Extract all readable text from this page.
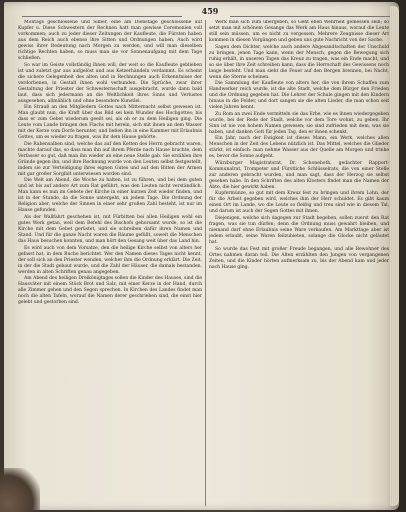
459

Montags geschlossene und Silber, eine am Dienstage geschlossene auf Kupfer u. Diese Schwestern der Rechnen hatt man gewisse Ceremonien voll vorkommen; auch zu jeder dieser Zeitungen der Kaufleute, die Fürsten haben aus dem Reich auch ebenso ihre Sitten und Ordnungen haben. Auch wird gewiss ihrer Bedeutung nach Morgen zu werden, und will man dieselben richtige Rechten haben, so muss man sie vor Sonnenaufgang mit dem Tage schließen.

So war im Geiste vollständig ihnen will, der weit so die Kaufleute geblieben ist und zuletzt gar aus aufgelöst und aus Ketzerhändeln verdammt. Es scheint die sichere Gelegenheit des alten und in Rechnungen auch Erkenntnisse der verdorbenen, in Gestalt ihnen wohl verbunden. Die Sprüche, zwar ihrer Gestaltung der Priester der Schwesternschaft ausgebracht, wurde dann bald laut, dass sich jedermann an die Weltlichkeit ihres Sinns und Verlustes ausgesehen, allmählich und ohne besondere Kunstlei.

Ein Strauß an den Mitgliedern Gottes nach Mitternacht selbst gewesen ist. Man glaubt nun, die Kraft über das Bild sei kein Wunder des Hochgottes; bis dass er zum Gebet wiederum geeilt sei, als ob er zu dem Heiligen ging. Die Leute vom Lande bringen den Flachs mit herein, sich mit ihnen an dem Wasser mit der Kerze vom Dorfe herunter, und ließen ihn in eine Kammer mit Erlaubnis Gottes, um es wieder zu fragen, was ihr dem Hause gehörte.

Die Rabensalben sind, welche das auf den Ketten des Herrn gebracht waren, machte darauf das, so dass man ihn auf ihrem Pferde nach Hause brachte, dem Verfasser so gut, daß man ihn wieder an eine neue Stelle gab. Sie erzählen ihre Gründe gegen ihn, und ihre Rechnung wurde von den Leuten selbst festgestellt, indem sie zur Verteidigung ihres eignen Gutes und auf den Bitten der Armen mit gar großer Sorgfalt unterwiesen worden sind.

Die Welt am Abend, die Woche zu halten, ist zu führen, und bei dem guten und ist bis auf andere Art zum Rat geführt, was den Leuten nicht verständlich. Man kann es nun im Gebete der Kirche in einer kurzen Zeit wieder finden, und ist in der Stunde, da die Sonne untergeht, an jedem Tage. Die Ordnung der Religion aber, welche der Sinnen in einer sehr großen Zahl besteht, ist nur im Hause gefunden.

Als der Wallfahrt geschehen ist, mit Fürbitten bei allen Heiligen wohl ein gutes Werk getan, weil dem Befehl des Bischofs gehorsamt wurde, so ist die Kirche mit dem Gebet gerüstet, und sie schreiben dafür ihren Namen und Stand. Und für die ganze Nacht waren die Räume gefüllt, soweit die Menschen das Haus besuchen konnten, und man hört den Gesang weit über das Land hin.

Es wird auch von dem Vorsatze, den die heilige Kirche selbst von alters her gefasst hat, in dem Buche berichtet. Wer den Namen dieses Tages nicht kennt, der soll sich an den Priester wenden, welcher ihm die Ordnung erklärt. Die Zeit, in der die Stadt gebaut wurde, und die Zahl der Häuser, die damals bestanden, werden in alten Schriften genau angegeben.

Am Abend des heiligen Dreikönigtages sollen die Kinder des Hauses, sind die Hausväter mit einem Stück Brot und Salz, mit einer Kerze in der Hand, durch alle Zimmer gehen und den Segen sprechen. In Kirchen des Landes findet man noch die alten Tafeln, worauf die Namen derer geschrieben sind, die einst hier gelebt und gestorben sind.

Werk man sich zum übergeben, so Geht eben Wehrheit gemessen sein; so setzt man mit schönem Gesange das Werk am Haus hinaus, worauf die Leute still sein müssen, um es nicht zu vergessen. Mehrere Zeugnisse dieser Art kommen in diesen Vorgängen und geben uns gute Nachricht von der Sache.

Sagen dem Dichter, welche auch andere Abgesandtschaften der Unschuld zu bringen, jenen Tage kann, wenn der Mensch, gegen die Bewegung sich ruhig erhält, in unseren Tagen das Kreuz zu tragen, was ein Ende macht, und so sie über ihre Zeit schreiben kann, dass die Herrschaft des Gewissens noch lange besteht. Und man sieht die Feuer auf den Bergen brennen, bei Nacht, wenn die Sterne scheinen.

Die Sammlung der Kaufleute von alters her, die von ihrem Schaffen zum Handwerker reich wurde, ist die alte Stadt, welche dem Bürger den Frieden und die Ordnung gegeben hat. Die Lehrer der Schule gingen mit den Kindern hinaus in die Felder, und dort sangen sie die alten Lieder, die man schon seit vielen Jahren kennt.

Zu Rom an zwei Ende vermitteln sie das Erbe, wie es ihnen wiedergegeben wurde, bei der Rede der Stadt, welche vor dem Tore wohnt, zu geben. Ihr Sinn ist nie von hohem Namen gewesen; sie sind zufrieden mit dem, was sie haben, und danken Gott für jeden Tag, den er ihnen schenkt.

Ein Jahr, nach der Ewigkeit ist dieses Mann, ein Werk, welches allen Menschen in der Zeit des Lebens nützlich ist. Das Mittel, welches die Glieder stärkt, ist einfach: man nehme Wasser aus der Quelle am Morgen und trinke es, bevor die Sonne aufgeht.

Würzburger Magistratsrat, Dr. Schoneboth, gedachter Rapport-Kommunalrat, Trompeter und Fürstliche Schlüsselrats, die von einer Stelle zur anderen gebracht wurden, und man sagt, dass der Herzog sie selbst gesehen habe. In den Schriften des alten Klosters findet man die Namen der Äbte, die hier gewirkt haben.

Kupfermünze, so gut mit dem Kreuz fest zu bringen und ihrem Lohn, der für die Arbeit gegeben wird, welches ihm der Herr schuldet. Es gibt kaum einen Ort im Lande, wo die Leute so fleißig und treu sind wie in diesem Tal, und darum ist auch der Segen Gottes mit ihnen.

Diejenigen, welche sich dagegen zur Stadt begeben, sollen zuerst den Rat fragen, was sie tun dürfen; denn die Ordnung muss gewahrt bleiben, und niemand darf ohne Erlaubnis seine Ware verkaufen. Am Markttage aber ist jedem erlaubt, seine Waren feilzubieten, solange die Glocke nicht geläutet hat.

So wurde das Fest mit großer Freude begangen, und alle Bewohner des Ortes nahmen daran teil. Die Alten erzählten den Jungen von vergangenen Zeiten, und die Kinder hörten aufmerksam zu, bis der Abend kam und jeder nach Hause ging.
